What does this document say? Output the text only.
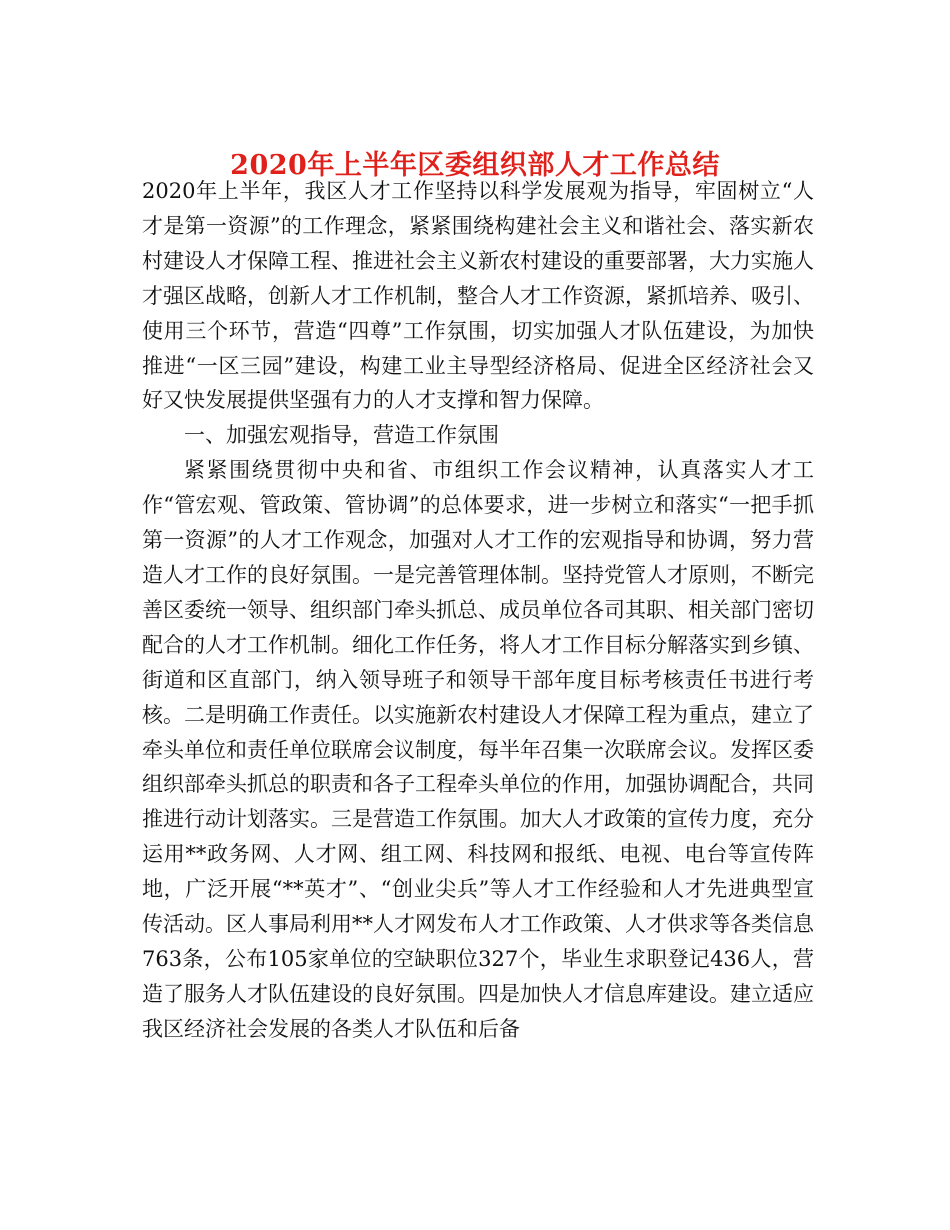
2020年上半年区委组织部人才工作总结

2020年上半年，我区人才工作坚持以科学发展观为指导，牢固树立“人才是第一资源”的工作理念，紧紧围绕构建社会主义和谐社会、落实新农村建设人才保障工程、推进社会主义新农村建设的重要部署，大力实施人才强区战略，创新人才工作机制，整合人才工作资源，紧抓培养、吸引、使用三个环节，营造“四尊”工作氛围，切实加强人才队伍建设，为加快推进“一区三园”建设，构建工业主导型经济格局、促进全区经济社会又好又快发展提供坚强有力的人才支撑和智力保障。

一、加强宏观指导，营造工作氛围

紧紧围绕贯彻中央和省、市组织工作会议精神，认真落实人才工作“管宏观、管政策、管协调”的总体要求，进一步树立和落实“一把手抓第一资源”的人才工作观念，加强对人才工作的宏观指导和协调，努力营造人才工作的良好氛围。一是完善管理体制。坚持党管人才原则，不断完善区委统一领导、组织部门牵头抓总、成员单位各司其职、相关部门密切配合的人才工作机制。细化工作任务，将人才工作目标分解落实到乡镇、街道和区直部门，纳入领导班子和领导干部年度目标考核责任书进行考核。二是明确工作责任。以实施新农村建设人才保障工程为重点，建立了牵头单位和责任单位联席会议制度，每半年召集一次联席会议。发挥区委组织部牵头抓总的职责和各子工程牵头单位的作用，加强协调配合，共同推进行动计划落实。三是营造工作氛围。加大人才政策的宣传力度，充分运用**政务网、人才网、组工网、科技网和报纸、电视、电台等宣传阵地，广泛开展“**英才”、“创业尖兵”等人才工作经验和人才先进典型宣传活动。区人事局利用**人才网发布人才工作政策、人才供求等各类信息763条，公布105家单位的空缺职位327个，毕业生求职登记436人，营造了服务人才队伍建设的良好氛围。四是加快人才信息库建设。建立适应我区经济社会发展的各类人才队伍和后备
